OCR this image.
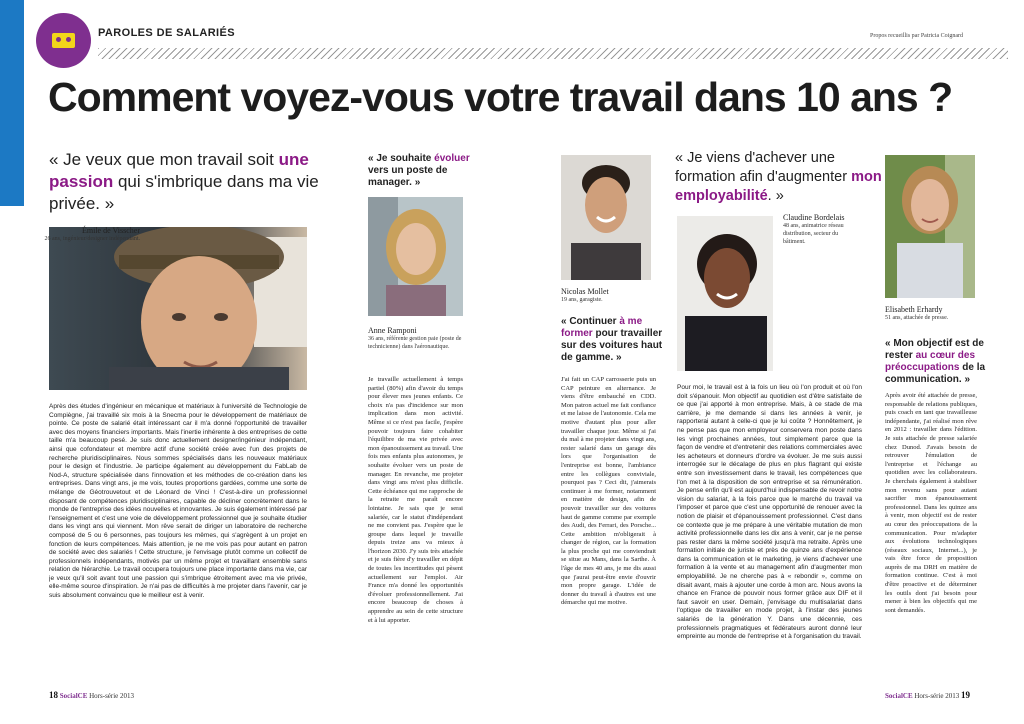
PAROLES DE SALARIÉS	Propos recueillis par Patricia Coignard
Comment voyez-vous votre travail dans 10 ans ?
« Je veux que mon travail soit une passion qui s'imbrique dans ma vie privée. »
Émile de Visscher
26 ans, ingénieur/designer indépendant.
Après des études d'ingénieur en mécanique et matériaux à l'université de Technologie de Compiègne, j'ai travaillé six mois à la Snecma pour le développement de matériaux de pointe. Ce poste de salarié était intéressant car il m'a donné l'opportunité de travailler avec des moyens financiers importants. Mais l'inertie inhérente à des entreprises de cette taille m'a beaucoup pesé. Je suis donc actuellement designer/ingénieur indépendant, ainsi que cofondateur et membre actif d'une société créée avec l'un des projets de recherche pluridisciplinaires. Nous sommes spécialisés dans les nouveaux matériaux pour le design et l'industrie. Je participe également au développement du FabLab de Nod-A, structure spécialisée dans l'innovation et les méthodes de co-création dans les entreprises. Dans vingt ans, je me vois, toutes proportions gardées, comme une sorte de mélange de Géotrouvetout et de Léonard de Vinci ! C'est-à-dire un professionnel disposant de compétences pluridisciplinaires, capable de décliner concrètement dans le monde de l'entreprise des idées nouvelles et innovantes. Je suis également intéressé par l'enseignement et c'est une voie de développement professionnel que je souhaite étudier dans les vingt ans qui viennent. Mon rêve serait de diriger un laboratoire de recherche composé de 5 ou 6 personnes, pas toujours les mêmes, qui s'agrègent à un projet en fonction de leurs compétences. Mais attention, je ne me vois pas pour autant en patron de société avec des salariés ! Cette structure, je l'envisage plutôt comme un collectif de professionnels indépendants, motivés par un même projet et travaillant ensemble sans relation de hiérarchie. Le travail occupera toujours une place importante dans ma vie, car je veux qu'il soit avant tout une passion qui s'imbrique étroitement avec ma vie privée, elle-même source d'inspiration. Je n'ai pas de difficultés à me projeter dans l'avenir, car je suis absolument convaincu que le meilleur est à venir.
« Je souhaite évoluer vers un poste de manager. »
Anne Ramponi
36 ans, référente gestion paie (poste de technicienne) dans l'aéronautique.
Je travaille actuellement à temps partiel (80%) afin d'avoir du temps pour élever mes jeunes enfants. Ce choix n'a pas d'incidence sur mon implication dans mon activité. Même si ce n'est pas facile, j'espère pouvoir toujours faire cohabiter l'équilibre de ma vie privée avec mon épanouissement au travail. Une fois mes enfants plus autonomes, je souhaite évoluer vers un poste de manager. En revanche, me projeter dans vingt ans m'est plus difficile. Cette échéance qui me rapproche de la retraite me paraît encore lointaine. Je sais que je serai salariée, car le statut d'indépendant ne me convient pas. J'espère que le groupe dans lequel je travaille depuis treize ans va mieux à l'horizon 2030. J'y suis très attachée et je suis fière d'y travailler en dépit de toutes les incertitudes qui pèsent actuellement sur l'emploi. Air France m'a donné les opportunités d'évoluer professionnellement. J'ai encore beaucoup de choses à apprendre au sein de cette structure et à lui apporter.
Nicolas Mollet
19 ans, garagiste.
« Continuer à me former pour travailler sur des voitures haut de gamme. »
J'ai fait un CAP carrosserie puis un CAP peinture en alternance. Je viens d'être embauché en CDD. Mon patron actuel me fait confiance et me laisse de l'autonomie. Cela me motive d'autant plus pour aller travailler chaque jour. Même si j'ai du mal à me projeter dans vingt ans, rester salarié dans un garage dès lors que l'organisation de l'entreprise est bonne, l'ambiance entre les collègues conviviale, pourquoi pas ? Ceci dit, j'aimerais continuer à me former, notamment en matière de design, afin de pouvoir travailler sur des voitures haut de gamme comme par exemple des Audi, des Ferrari, des Porsche... Cette ambition m'obligerait à changer de région, car la formation la plus proche qui me conviendrait se situe au Mans, dans la Sarthe. À l'âge de mes 40 ans, je me dis aussi que j'aurai peut-être envie d'ouvrir mon propre garage. L'idée de donner du travail à d'autres est une démarche qui me motive.
« Je viens d'achever une formation afin d'augmenter mon employabilité. »
Claudine Bordelais
48 ans, animatrice réseau distribution, secteur du bâtiment.
Pour moi, le travail est à la fois un lieu où l'on produit et où l'on doit s'épanouir. Mon objectif au quotidien est d'être satisfaite de ce que j'ai apporté à mon entreprise. Mais, à ce stade de ma carrière, je me demande si dans les années à venir, je rapporterai autant à celle-ci que je lui coûte ? Honnêtement, je ne pense pas que mon employeur conservera mon poste dans les vingt prochaines années, tout simplement parce que la façon de vendre et d'entretenir des relations commerciales avec les acheteurs et donneurs d'ordre va évoluer. Je me suis aussi interrogée sur le décalage de plus en plus flagrant qui existe entre son investissement dans le travail, les compétences que l'on met à la disposition de son entreprise et sa rémunération. Je pense enfin qu'il est aujourd'hui indispensable de revoir notre vision du salariat, à la fois parce que le marché du travail va l'imposer et parce que c'est une opportunité de renouer avec la notion de plaisir et d'épanouissement professionnel. C'est dans ce contexte que je me prépare à une véritable mutation de mon activité professionnelle dans les dix ans à venir, car je ne pense pas rester dans la même société jusqu'à ma retraite. Après une formation initiale de juriste et près de quinze ans d'expérience dans la communication et le marketing, je viens d'achever une formation à la vente et au management afin d'augmenter mon employabilité. Je ne cherche pas à « rebondir », comme on disait avant, mais à ajouter une corde à mon arc. Nous avons la chance en France de pouvoir nous former grâce aux DIF et il faut savoir en user. Demain, j'envisage du multisalariat dans l'optique de travailler en mode projet, à l'instar des jeunes salariés de la génération Y. Dans une décennie, ces professionnels pragmatiques et fédérateurs auront donné leur empreinte au monde de l'entreprise et à l'organisation du travail.
Elisabeth Erhardy
51 ans, attachée de presse.
« Mon objectif est de rester au cœur des préoccupations de la communication. »
Après avoir été attachée de presse, responsable de relations publiques, puis coach en tant que travailleuse indépendante, j'ai réalisé mon rêve en 2012 : travailler dans l'édition. Je suis attachée de presse salariée chez Dunod. J'avais besoin de retrouver l'émulation de l'entreprise et l'échange au quotidien avec les collaborateurs. Je cherchais également à stabiliser mon revenu sans pour autant sacrifier mon épanouissement professionnel. Dans les quinze ans à venir, mon objectif est de rester au cœur des préoccupations de la communication. Pour m'adapter aux évolutions technologiques (réseaux sociaux, Internet...), je vais être force de proposition auprès de ma DRH en matière de formation continue. C'est à moi d'être proactive et de déterminer les outils dont j'ai besoin pour mener à bien les objectifs qui me sont demandés.
18 SocialCE Hors-série 2013	SocialCE Hors-série 2013 19
